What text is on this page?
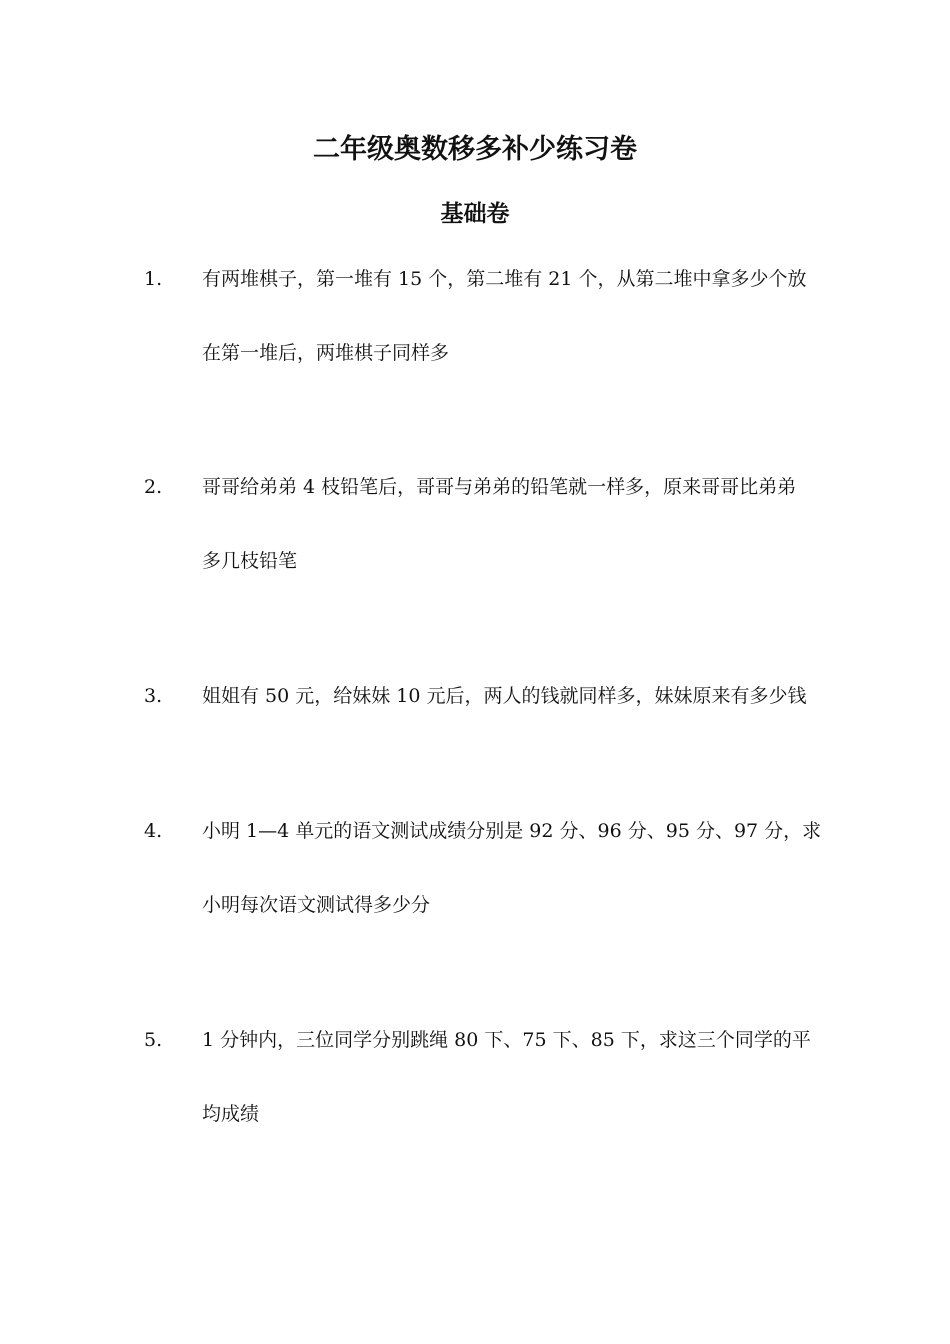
二年级奥数移多补少练习卷
基础卷
1. 有两堆棋子，第一堆有 15 个，第二堆有 21 个，从第二堆中拿多少个放
在第一堆后，两堆棋子同样多
2. 哥哥给弟弟 4 枝铅笔后，哥哥与弟弟的铅笔就一样多，原来哥哥比弟弟
多几枝铅笔
3. 姐姐有 50 元，给妹妹 10 元后，两人的钱就同样多，妹妹原来有多少钱
4. 小明 1—4 单元的语文测试成绩分别是 92 分、96 分、95 分、97 分，求
小明每次语文测试得多少分
5. 1 分钟内，三位同学分别跳绳 80 下、75 下、85 下，求这三个同学的平
均成绩
